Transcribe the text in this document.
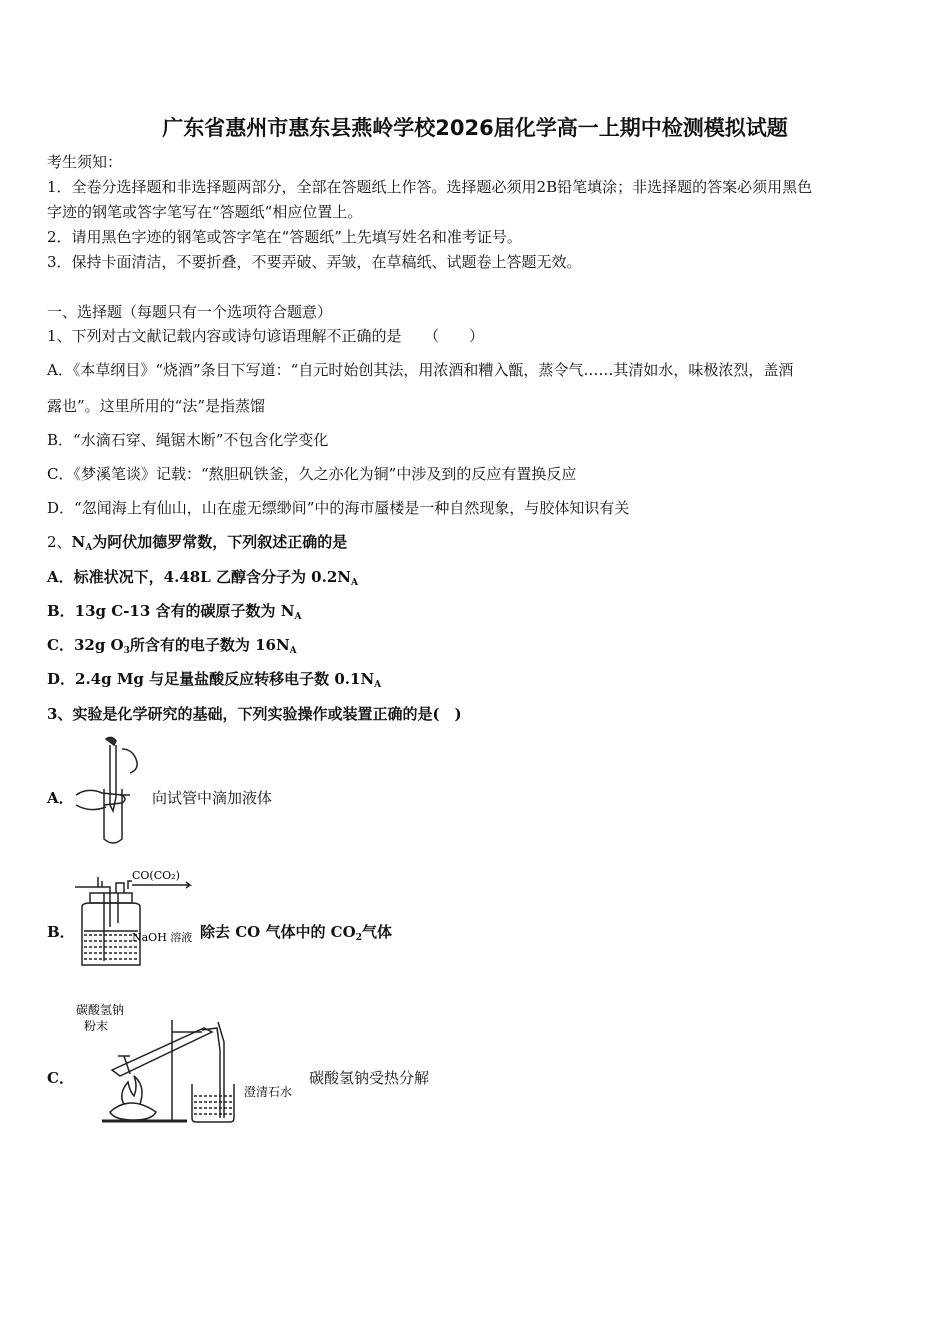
广东省惠州市惠东县燕岭学校2026届化学高一上期中检测模拟试题
考生须知：
1．全卷分选择题和非选择题两部分，全部在答题纸上作答。选择题必须用2B铅笔填涂；非选择题的答案必须用黑色
字迹的钢笔或答字笔写在“答题纸”相应位置上。
2．请用黑色字迹的钢笔或答字笔在“答题纸”上先填写姓名和准考证号。
3．保持卡面清洁，不要折叠，不要弄破、弄皱，在草稿纸、试题卷上答题无效。
一、选择题（每题只有一个选项符合题意）
1、下列对古文献记载内容或诗句谚语理解不正确的是　　（　　）
A．《本草纲目》“烧酒”条目下写道：“自元时始创其法，用浓酒和糟入甑，蒸令气……其清如水，味极浓烈，盖酒
露也”。这里所用的“法”是指蒸馏
B．“水滴石穿、绳锯木断”不包含化学变化
C．《梦溪笔谈》记载：“熬胆矾铁釜，久之亦化为铜”中涉及到的反应有置换反应
D．“忽闻海上有仙山，山在虚无缥缈间”中的海市蜃楼是一种自然现象，与胶体知识有关
2、$N_A$为阿伏加德罗常数，下列叙述正确的是
A．标准状况下，4.48L 乙醇含分子为 $0.2N_A$
B．13g C-13 含有的碳原子数为 $N_A$
C．32g $O_3$所含有的电子数为 $16N_A$
D．2.4g Mg 与足量盐酸反应转移电子数 $0.1N_A$
3、实验是化学研究的基础，下列实验操作或装置正确的是(　)
A．	向试管中滴加液体
B．
CO(CO₂)
NaOH 溶液 除去 CO 气体中的 $CO_2$气体
C．
碳酸氢钠
粉末
澄清石水
碳酸氢钠受热分解
